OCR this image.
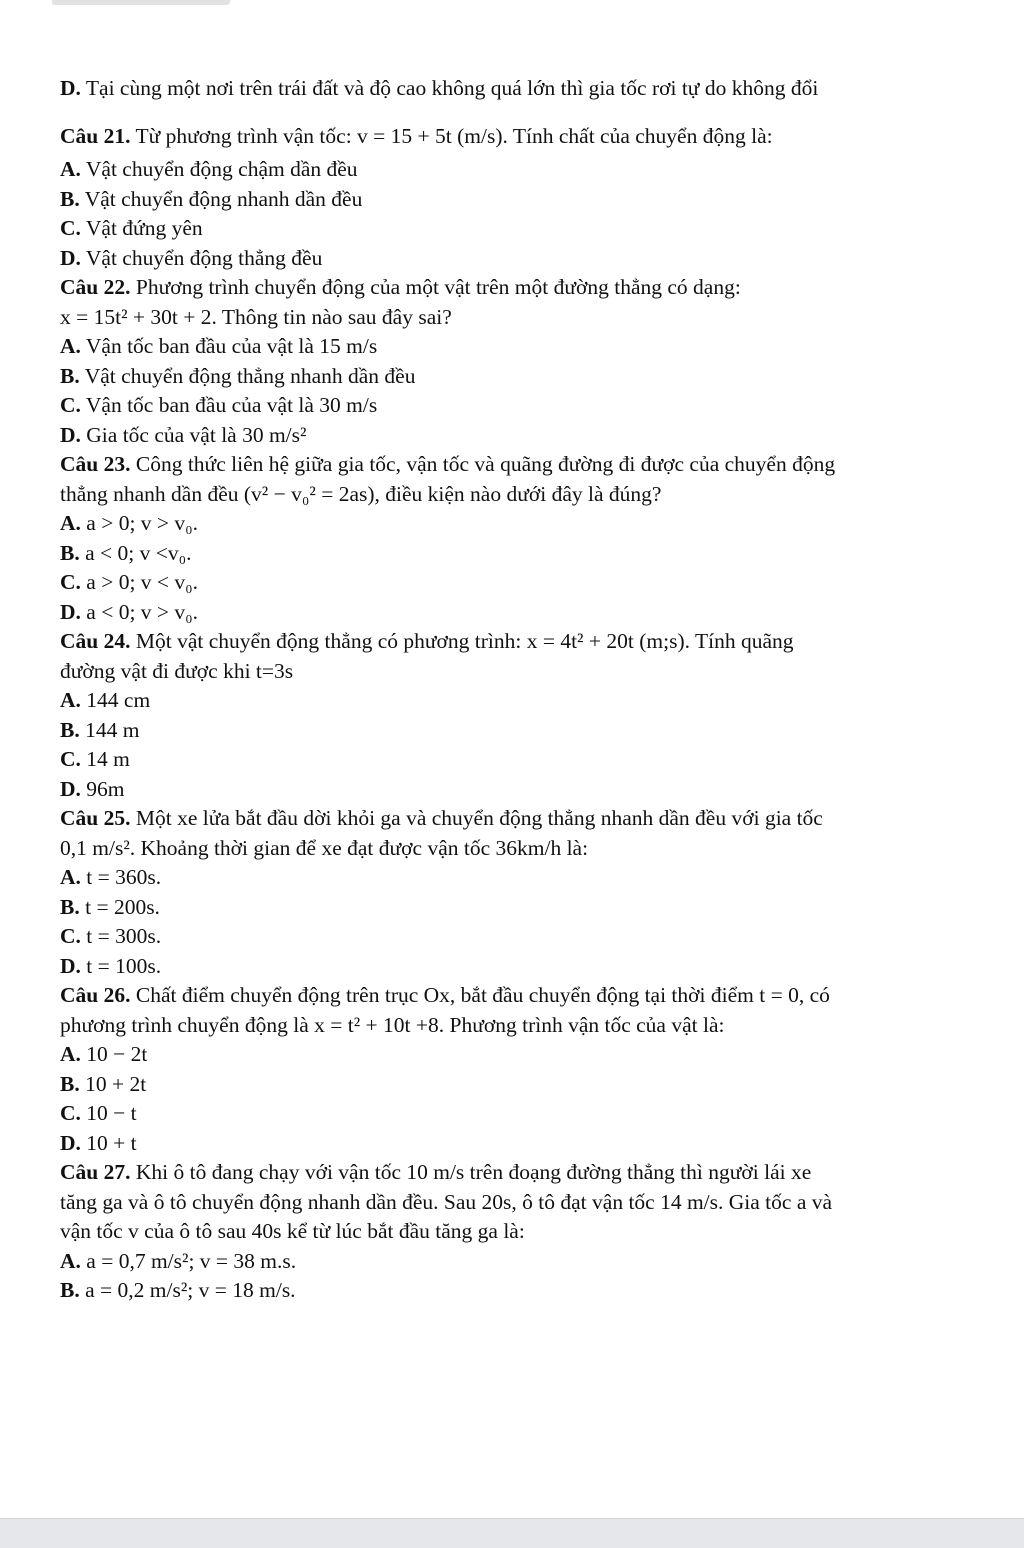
D. Tại cùng một nơi trên trái đất và độ cao không quá lớn thì gia tốc rơi tự do không đổi
Câu 21. Từ phương trình vận tốc: v = 15 + 5t (m/s). Tính chất của chuyển động là:
A. Vật chuyển động chậm dần đều
B. Vật chuyển động nhanh dần đều
C. Vật đứng yên
D. Vật chuyển động thẳng đều
Câu 22. Phương trình chuyển động của một vật trên một đường thẳng có dạng:
x = 15t² + 30t + 2. Thông tin nào sau đây sai?
A. Vận tốc ban đầu của vật là 15 m/s
B. Vật chuyển động thẳng nhanh dần đều
C. Vận tốc ban đầu của vật là 30 m/s
D. Gia tốc của vật là 30 m/s²
Câu 23. Công thức liên hệ giữa gia tốc, vận tốc và quãng đường đi được của chuyển động
thẳng nhanh dần đều (v² − v₀² = 2as), điều kiện nào dưới đây là đúng?
A. a > 0; v > v₀.
B. a < 0; v <v₀.
C. a > 0; v < v₀.
D. a < 0; v > v₀.
Câu 24. Một vật chuyển động thẳng có phương trình: x = 4t² + 20t (m;s). Tính quãng
đường vật đi được khi t=3s
A. 144 cm
B. 144 m
C. 14 m
D. 96m
Câu 25. Một xe lửa bắt đầu dời khỏi ga và chuyển động thẳng nhanh dần đều với gia tốc
0,1 m/s². Khoảng thời gian để xe đạt được vận tốc 36km/h là:
A. t = 360s.
B. t = 200s.
C. t = 300s.
D. t = 100s.
Câu 26. Chất điểm chuyển động trên trục Ox, bắt đầu chuyển động tại thời điểm t = 0, có
phương trình chuyển động là x = t² + 10t +8. Phương trình vận tốc của vật là:
A. 10 − 2t
B. 10 + 2t
C. 10 − t
D. 10 + t
Câu 27. Khi ô tô đang chạy với vận tốc 10 m/s trên đoạng đường thẳng thì người lái xe
tăng ga và ô tô chuyển động nhanh dần đều. Sau 20s, ô tô đạt vận tốc 14 m/s. Gia tốc a và
vận tốc v của ô tô sau 40s kể từ lúc bắt đầu tăng ga là:
A. a = 0,7 m/s²; v = 38 m.s.
B. a = 0,2 m/s²; v = 18 m/s.
